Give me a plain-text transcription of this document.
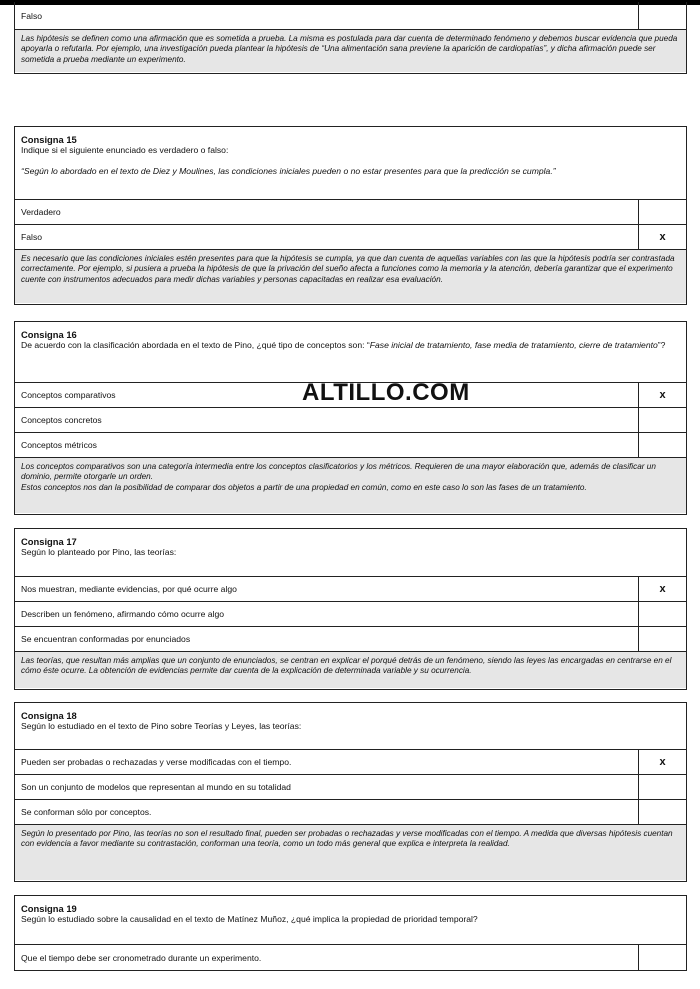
Falso
Las hipótesis se definen como una afirmación que es sometida a prueba. La misma es postulada para dar cuenta de determinado fenómeno y debemos buscar evidencia que pueda apoyarla o refutarla. Por ejemplo, una investigación pueda plantear la hipótesis de “Una alimentación sana previene la aparición de cardiopatías”, y dicha afirmación puede ser sometida a prueba mediante un experimento.
Consigna 15
Indique si el siguiente enunciado es verdadero o falso:
“Según lo abordado en el texto de Diez y Moulines, las condiciones iniciales pueden o no estar presentes para que la predicción se cumpla.”
Verdadero
Falso	x
Es necesario que las condiciones iniciales estén presentes para que la hipótesis se cumpla, ya que dan cuenta de aquellas variables con las que la hipótesis podría ser contrastada correctamente. Por ejemplo, si pusiera a prueba la hipótesis de que la privación del sueño afecta a funciones como la memoria y la atención, debería garantizar que el experimento cuente con instrumentos adecuados para medir dichas variables y personas capacitadas en realizar esa evaluación.
Consigna 16
De acuerdo con la clasificación abordada en el texto de Pino, ¿qué tipo de conceptos son: “Fase inicial de tratamiento, fase media de tratamiento, cierre de tratamiento”?
Conceptos comparativos	x
Conceptos concretos
Conceptos métricos
Los conceptos comparativos son una categoría intermedia entre los conceptos clasificatorios y los métricos. Requieren de una mayor elaboración que, además de clasificar un dominio, permite otorgarle un orden.
Estos conceptos nos dan la posibilidad de comparar dos objetos a partir de una propiedad en común, como en este caso lo son las fases de un tratamiento.
ALTILLO.COM
Consigna 17
Según lo planteado por Pino, las teorías:
Nos muestran, mediante evidencias, por qué ocurre algo	x
Describen un fenómeno, afirmando cómo ocurre algo
Se encuentran conformadas por enunciados
Las teorías, que resultan más amplias que un conjunto de enunciados, se centran en explicar el porqué detrás de un fenómeno, siendo las leyes las encargadas en centrarse en el cómo éste ocurre. La obtención de evidencias permite dar cuenta de la explicación de determinada variable y su ocurrencia.
Consigna 18
Según lo estudiado en el texto de Pino sobre Teorías y Leyes, las teorías:
Pueden ser probadas o rechazadas y verse modificadas con el tiempo.	x
Son un conjunto de modelos que representan al mundo en su totalidad
Se conforman sólo por conceptos.
Según lo presentado por Pino, las teorías no son el resultado final, pueden ser probadas o rechazadas y verse modificadas con el tiempo. A medida que diversas hipótesis cuentan con evidencia a favor mediante su contrastación, conforman una teoría, como un todo más general que explica e interpreta la realidad.
Consigna 19
Según lo estudiado sobre la causalidad en el texto de Matínez Muñoz, ¿qué implica la propiedad de prioridad temporal?
Que el tiempo debe ser cronometrado durante un experimento.
